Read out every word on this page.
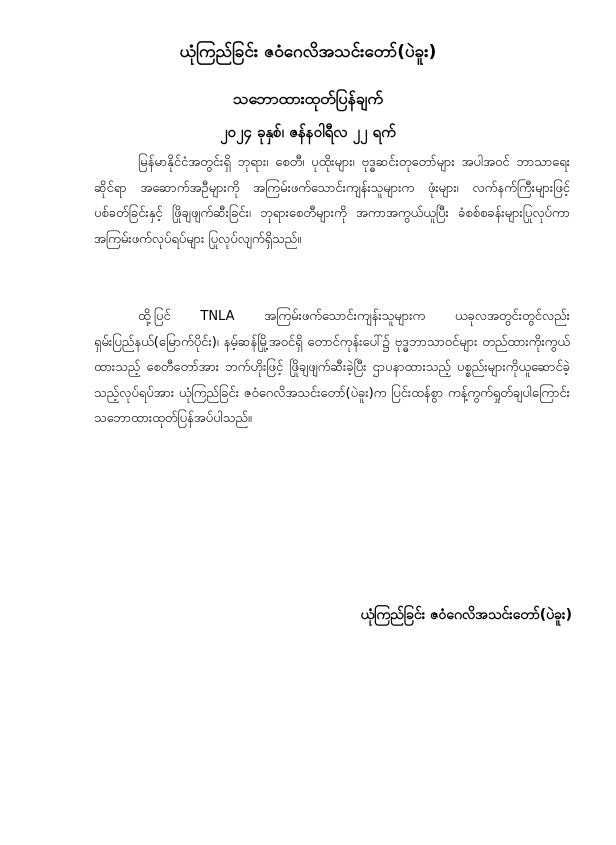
ယုံကြည်ခြင်း ဇဝံဂေလိအသင်းတော်(ပဲခူး)
သဘောထားထုတ်ပြန်ချက်
၂၀၂၄ ခုနှစ်၊ ဇန်နဝါရီလ ၂၂ ရက်

မြန်မာနိုင်ငံအတွင်းရှိ ဘုရား၊ စေတီ၊ ပုထိုးများ၊ ဗုဒ္ဓဆင်းတုတော်များ အပါအဝင် ဘာသာရေးဆိုင်ရာ အဆောက်အဦများကို အကြမ်းဖက်သောင်းကျန်းသူများက ဖုံးများ၊ လက်နက်ကြီးများဖြင့် ပစ်ခတ်ခြင်းနှင့် ဖြိုချဖျက်ဆီးခြင်း၊ ဘုရားစေတီများကို အကာအကွယ်ယူပြီး ခံစစ်စခန်းများပြုလုပ်ကာ အကြမ်းဖက်လုပ်ရပ်များ ပြုလုပ်လျက်ရှိသည်။

ထို့ပြင် TNLA အကြမ်းဖက်သောင်းကျန်းသူများက ယခုလအတွင်းတွင်လည်း ရှမ်းပြည်နယ်(မြောက်ပိုင်း)၊ နမ့်ဆန်မြို့အဝင်ရှိ တောင်ကုန်းပေါ်၌ ဗုဒ္ဓဘာသာဝင်များ တည်ထားကိုးကွယ်ထားသည့် စေတီတော်အား ဘက်ဟိုးဖြင့် ဖြိုချဖျက်ဆီးခဲ့ပြီး ဌာပနာထားသည့် ပစ္စည်းများကိုယူဆောင်ခဲ့သည့်လုပ်ရပ်အား ယုံကြည်ခြင်း ဇဝံဂေလိအသင်းတော်(ပဲခူး)က ပြင်းထန်စွာ ကန့်ကွက်ရှုတ်ချပါကြောင်း သဘောထားထုတ်ပြန်အပ်ပါသည်။

ယုံကြည်ခြင်း ဇဝံဂေလိအသင်းတော်(ပဲခူး)
